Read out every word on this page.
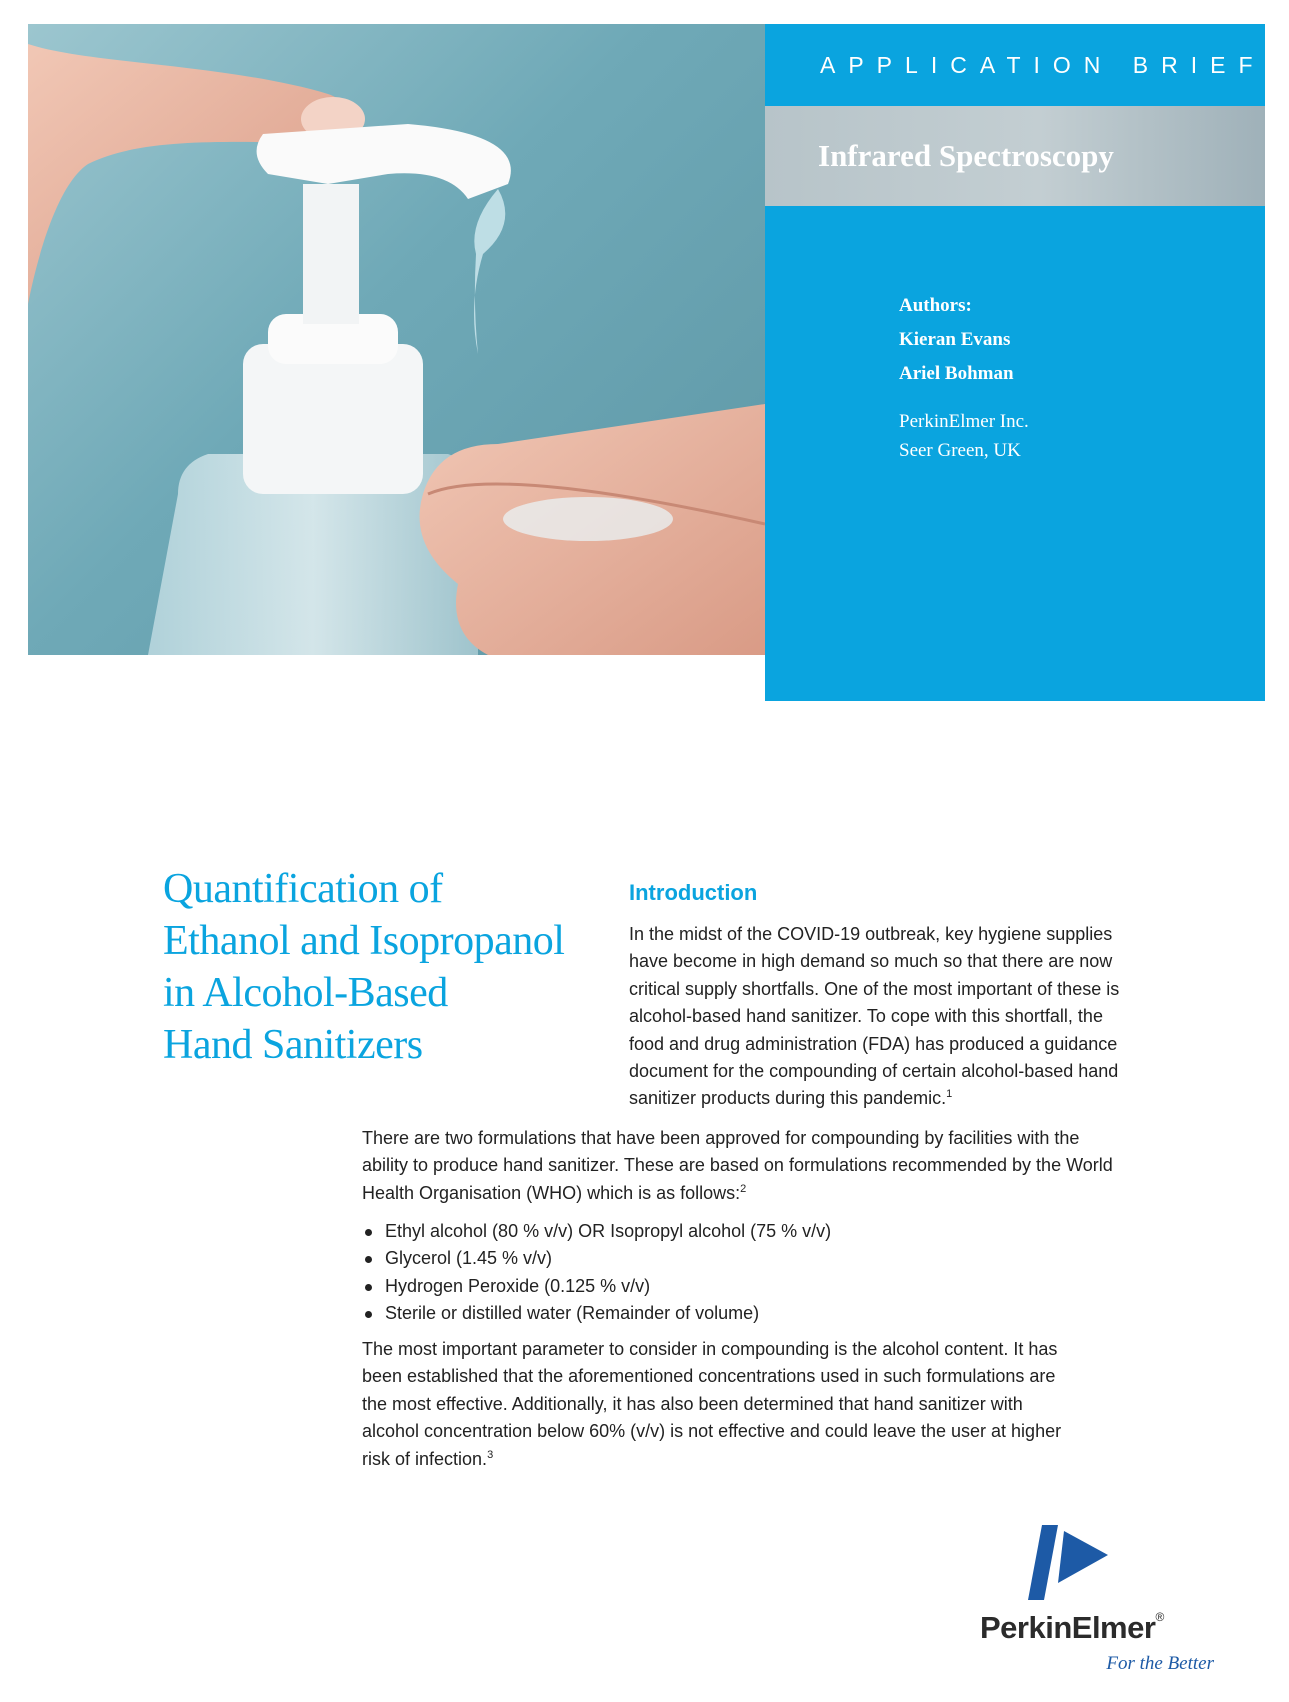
APPLICATION BRIEF
Infrared Spectroscopy
Authors:
Kieran Evans
Ariel Bohman
PerkinElmer Inc.
Seer Green, UK
Quantification of
Ethanol and Isopropanol
in Alcohol-Based
Hand Sanitizers
Introduction
In the midst of the COVID-19 outbreak, key hygiene supplies
have become in high demand so much so that there are now
critical supply shortfalls. One of the most important of these is
alcohol-based hand sanitizer. To cope with this shortfall, the
food and drug administration (FDA) has produced a guidance
document for the compounding of certain alcohol-based hand
sanitizer products during this pandemic.$^1$
There are two formulations that have been approved for compounding by facilities with the
ability to produce hand sanitizer. These are based on formulations recommended by the World
Health Organisation (WHO) which is as follows:$^2$
Ethyl alcohol (80 % v/v) OR Isopropyl alcohol (75 % v/v)
Glycerol (1.45 % v/v)
Hydrogen Peroxide (0.125 % v/v)
Sterile or distilled water (Remainder of volume)
The most important parameter to consider in compounding is the alcohol content. It has
been established that the aforementioned concentrations used in such formulations are
the most effective. Additionally, it has also been determined that hand sanitizer with
alcohol concentration below 60% (v/v) is not effective and could leave the user at higher
risk of infection.$^3$
PerkinElmer®
For the Better
